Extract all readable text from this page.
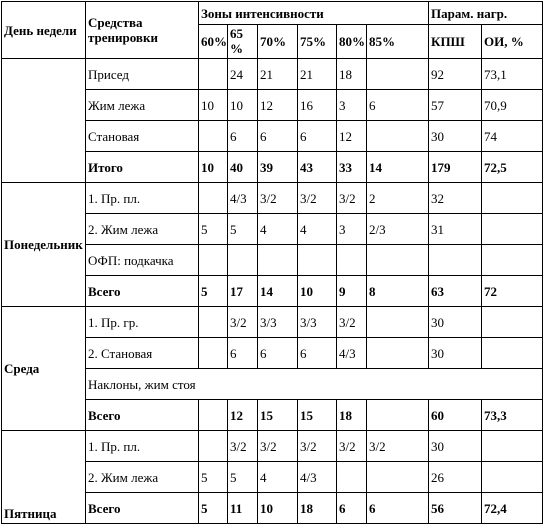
День недели	Средства тренировки	Зоны интенсивности						Парам. нагр.	
		60%	65 %	70%	75%	80%	85%	КПШ	ОИ, %
	Присед		24	21	21	18		92	73,1
	Жим лежа	10	10	12	16	3	6	57	70,9
	Становая		6	6	6	12		30	74
	Итого	10	40	39	43	33	14	179	72,5
Понедельник	1. Пр. пл.		4/3	3/2	3/2	3/2	2	32	
	2. Жим лежа	5	5	4	4	3	2/3	31	
	ОФП: подкачка								
	Всего	5	17	14	10	9	8	63	72
Среда	1. Пр. гр.		3/2	3/3	3/3	3/2		30	
	2. Становая		6	6	6	4/3		30	
	Наклоны, жим стоя								
	Всего		12	15	15	18		60	73,3
Пятница	1. Пр. пл.		3/2	3/2	3/2	3/2	3/2	30	
	2. Жим лежа	5	5	4	4/3			26	
	Всего	5	11	10	18	6	6	56	72,4
